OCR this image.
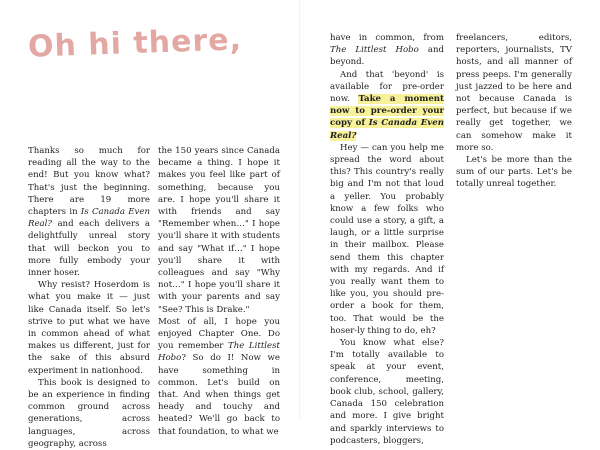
Oh hi there,

Thanks so much for reading all the way to the end! But you know what? That's just the beginning. There are 19 more chapters in Is Canada Even Real? and each delivers a delightfully unreal story that will beckon you to more fully embody your inner hoser.

Why resist? Hoserdom is what you make it — just like Canada itself. So let's strive to put what we have in common ahead of what makes us different, just for the sake of this absurd experiment in nationhood.

This book is designed to be an experience in finding common ground across generations, across languages, across geography, across

the 150 years since Canada became a thing. I hope it makes you feel like part of something, because you are. I hope you'll share it with friends and say "Remember when…" I hope you'll share it with students and say "What if…" I hope you'll share it with colleagues and say "Why not…" I hope you'll share it with your parents and say "See? This is Drake."

Most of all, I hope you enjoyed Chapter One. Do you remember The Littlest Hobo? So do I! Now we have something in common. Let's build on that. And when things get heady and touchy and heated? We'll go back to that foundation, to what we

have in common, from The Littlest Hobo and beyond.

And that 'beyond' is available for pre-order now. Take a moment now to pre-order your copy of Is Canada Even Real?

Hey — can you help me spread the word about this? This country's really big and I'm not that loud a yeller. You probably know a few folks who could use a story, a gift, a laugh, or a little surprise in their mailbox. Please send them this chapter with my regards. And if you really want them to like you, you should pre-order a book for them, too. That would be the hoser-ly thing to do, eh?

You know what else? I'm totally available to speak at your event, conference, meeting, book club, school, gallery, Canada 150 celebration and more. I give bright and sparkly interviews to podcasters, bloggers,

freelancers, editors, reporters, journalists, TV hosts, and all manner of press peeps. I'm generally just jazzed to be here and not because Canada is perfect, but because if we really get together, we can somehow make it more so.

Let's be more than the sum of our parts. Let's be totally unreal together.
